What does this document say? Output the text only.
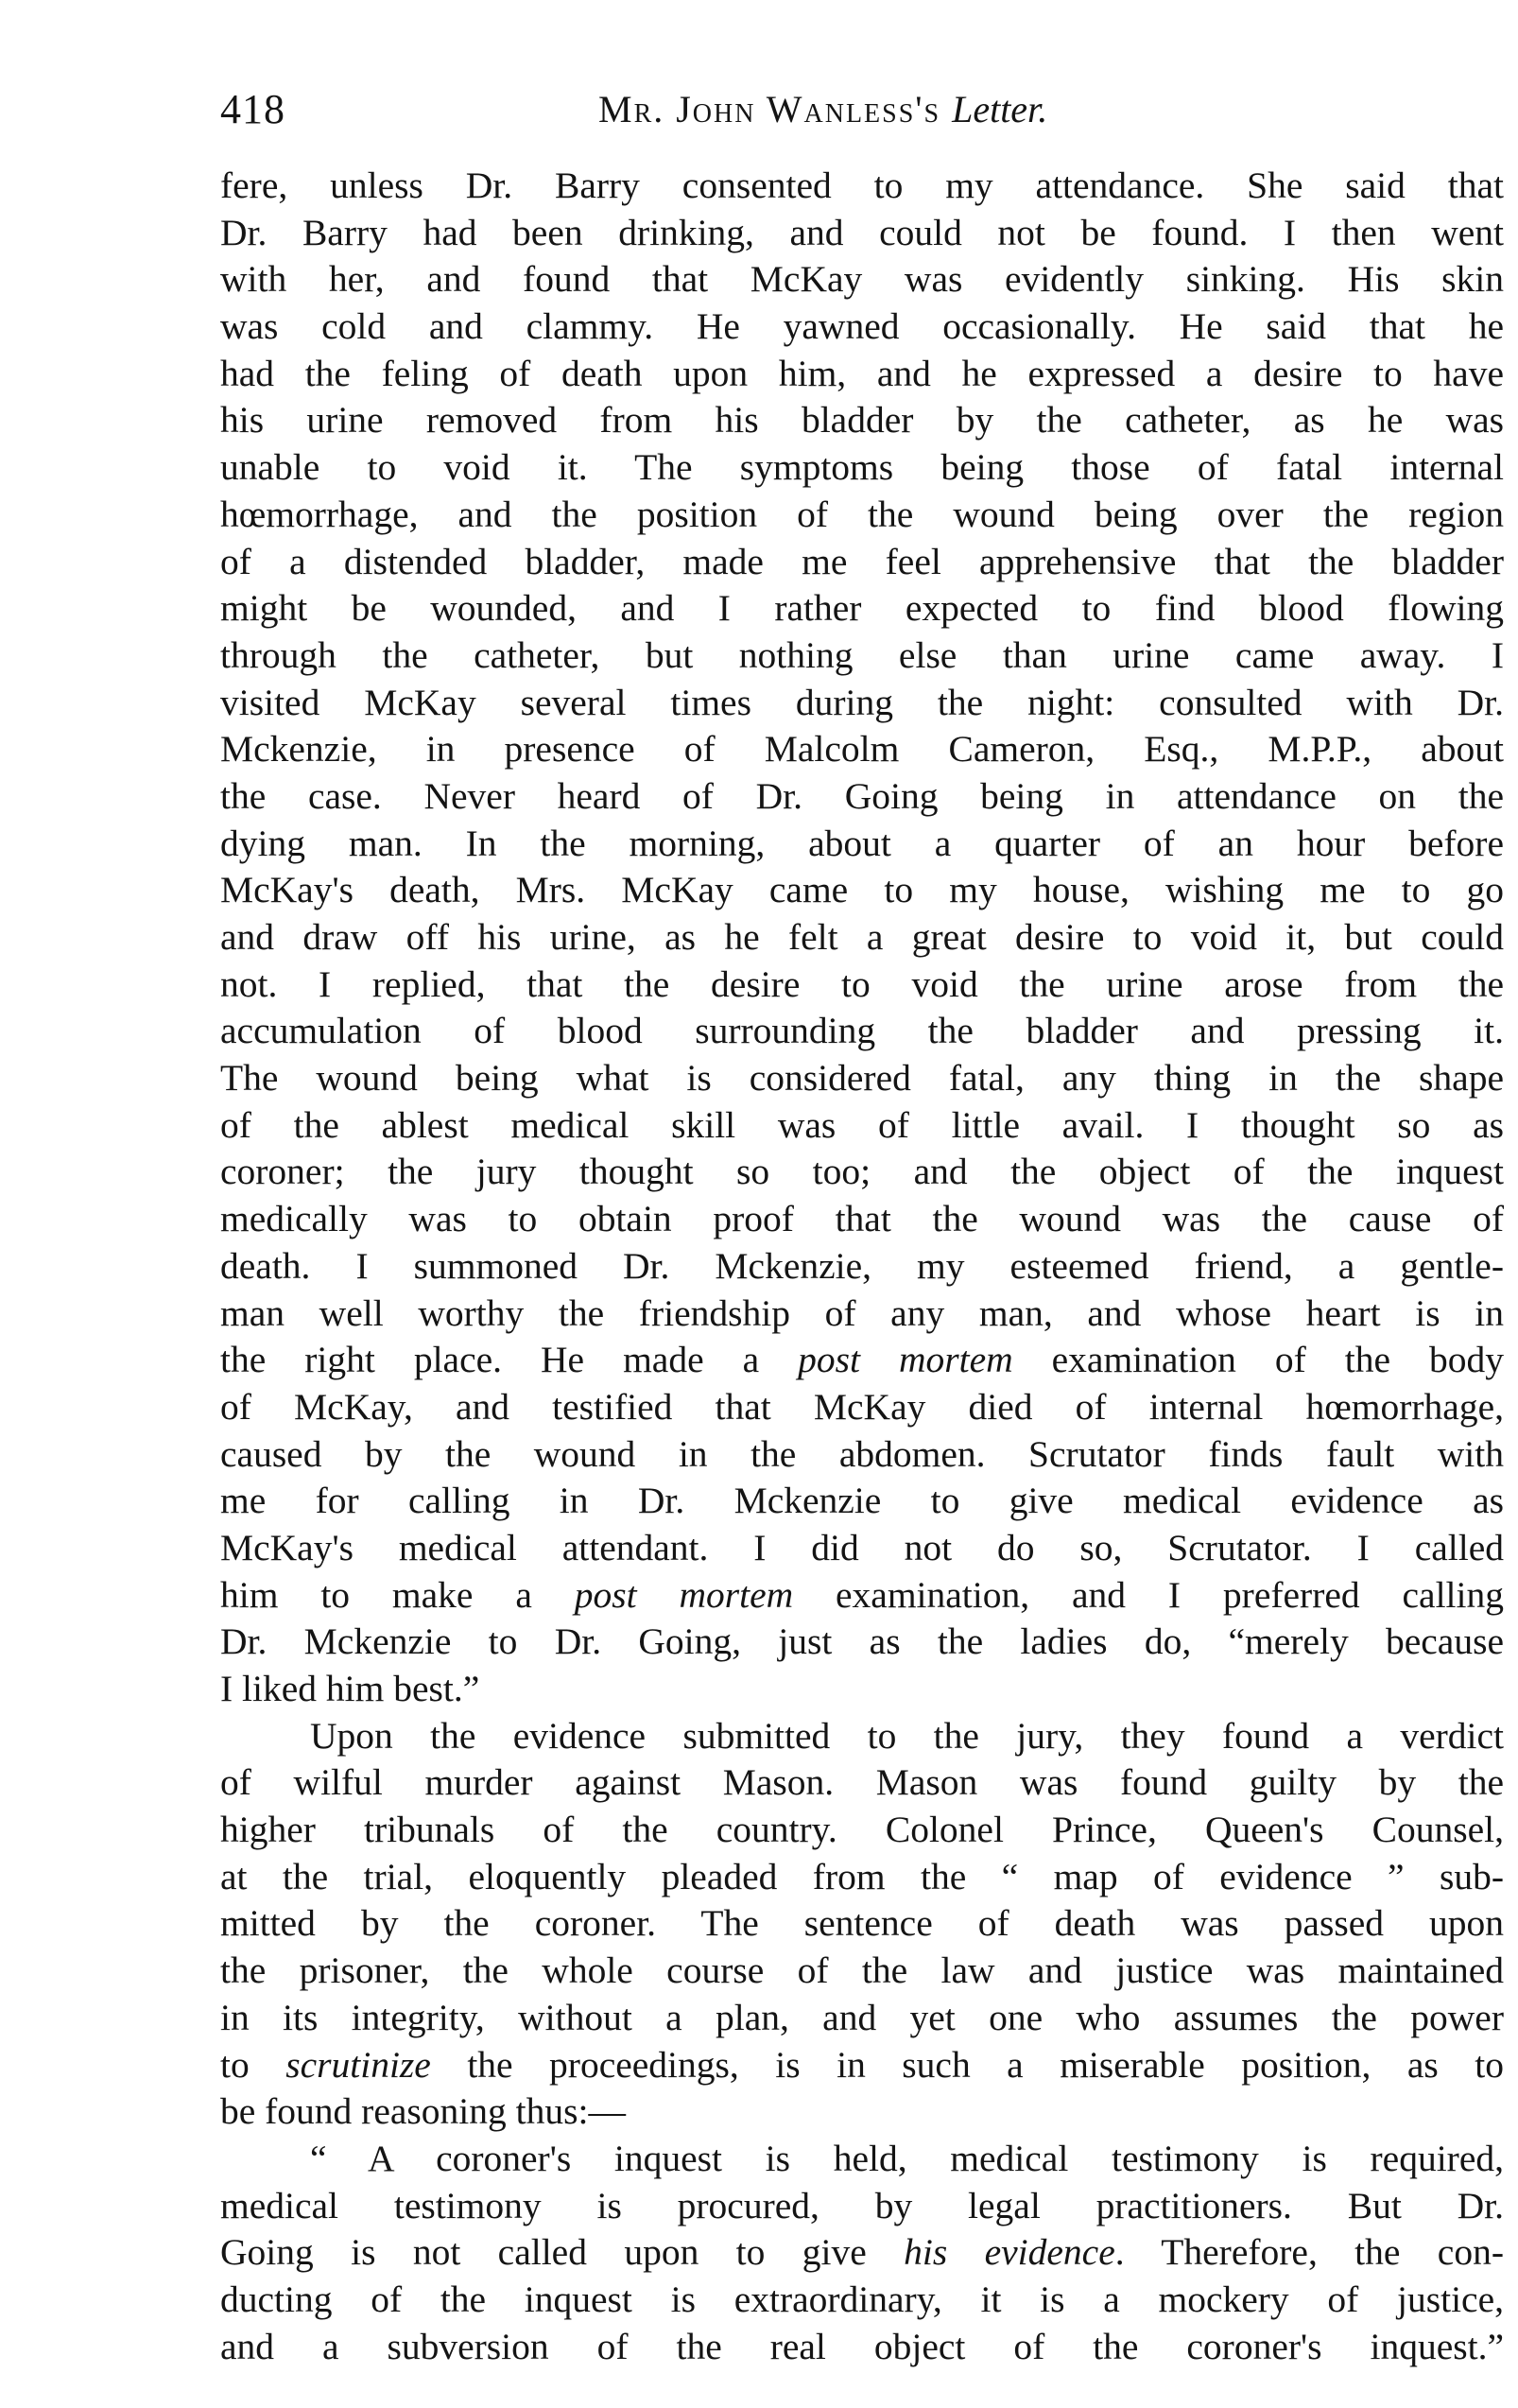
418	Mr. John Wanless's Letter.
fere, unless Dr. Barry consented to my attendance. She said that
Dr. Barry had been drinking, and could not be found. I then went
with her, and found that McKay was evidently sinking. His skin
was cold and clammy. He yawned occasionally. He said that he
had the feling of death upon him, and he expressed a desire to have
his urine removed from his bladder by the catheter, as he was
unable to void it. The symptoms being those of fatal internal
hœmorrhage, and the position of the wound being over the region
of a distended bladder, made me feel apprehensive that the bladder
might be wounded, and I rather expected to find blood flowing
through the catheter, but nothing else than urine came away. I
visited McKay several times during the night: consulted with Dr.
Mckenzie, in presence of Malcolm Cameron, Esq., M.P.P., about
the case. Never heard of Dr. Going being in attendance on the
dying man. In the morning, about a quarter of an hour before
McKay's death, Mrs. McKay came to my house, wishing me to go
and draw off his urine, as he felt a great desire to void it, but could
not. I replied, that the desire to void the urine arose from the
accumulation of blood surrounding the bladder and pressing it.
The wound being what is considered fatal, any thing in the shape
of the ablest medical skill was of little avail. I thought so as
coroner; the jury thought so too; and the object of the inquest
medically was to obtain proof that the wound was the cause of
death. I summoned Dr. Mckenzie, my esteemed friend, a gentle-
man well worthy the friendship of any man, and whose heart is in
the right place. He made a post mortem examination of the body
of McKay, and testified that McKay died of internal hœmorrhage,
caused by the wound in the abdomen. Scrutator finds fault with
me for calling in Dr. Mckenzie to give medical evidence as
McKay's medical attendant. I did not do so, Scrutator. I called
him to make a post mortem examination, and I preferred calling
Dr. Mckenzie to Dr. Going, just as the ladies do, “merely because
I liked him best.”
Upon the evidence submitted to the jury, they found a verdict
of wilful murder against Mason. Mason was found guilty by the
higher tribunals of the country. Colonel Prince, Queen's Counsel,
at the trial, eloquently pleaded from the “ map of evidence ” sub-
mitted by the coroner. The sentence of death was passed upon
the prisoner, the whole course of the law and justice was maintained
in its integrity, without a plan, and yet one who assumes the power
to scrutinize the proceedings, is in such a miserable position, as to
be found reasoning thus:—
“ A coroner's inquest is held, medical testimony is required,
medical testimony is procured, by legal practitioners. But Dr.
Going is not called upon to give his evidence. Therefore, the con-
ducting of the inquest is extraordinary, it is a mockery of justice,
and a subversion of the real object of the coroner's inquest.”
